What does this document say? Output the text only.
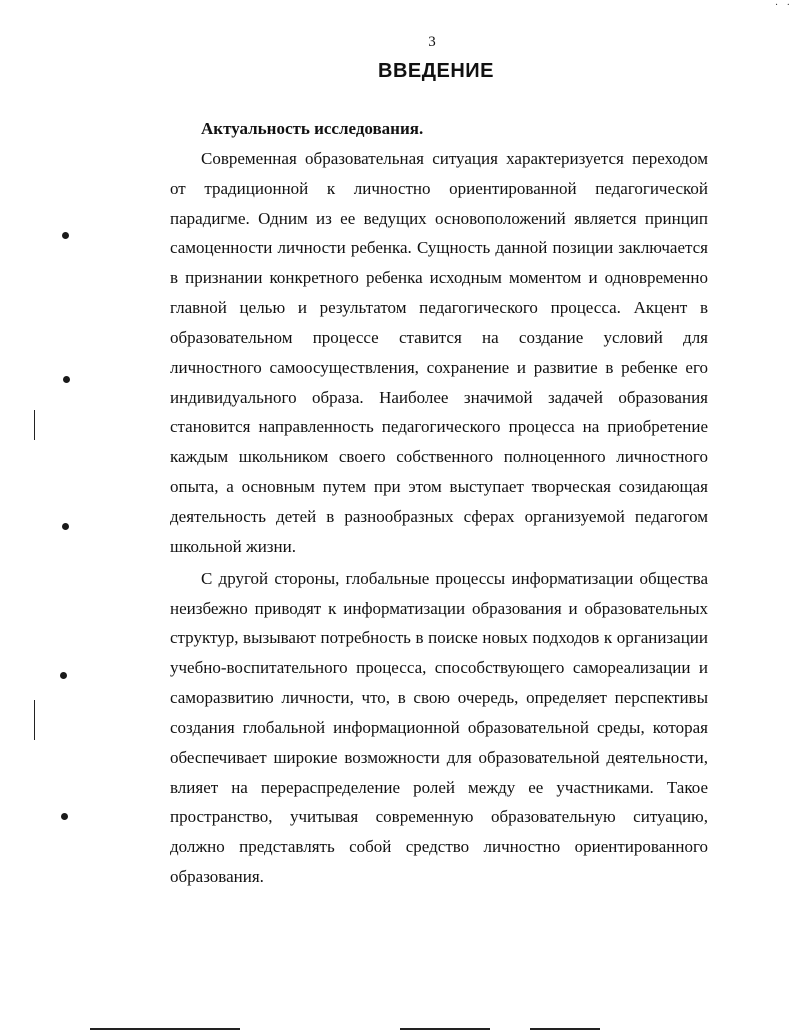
· ·
3
ВВЕДЕНИЕ

Актуальность исследования.

Современная образовательная ситуация характеризуется переходом от традиционной к личностно ориентированной педагогической парадигме. Одним из ее ведущих основоположений является принцип самоценности личности ребенка. Сущность данной позиции заключается в признании конкретного ребенка исходным моментом и одновременно главной целью и результатом педагогического процесса. Акцент в образовательном процессе ставится на создание условий для личностного самоосуществления, сохранение и развитие в ребенке его индивидуального образа. Наиболее значимой задачей образования становится направленность педагогического процесса на приобретение каждым школьником своего собственного полноценного личностного опыта, а основным путем при этом выступает творческая созидающая деятельность детей в разнообразных сферах организуемой педагогом школьной жизни.

С другой стороны, глобальные процессы информатизации общества неизбежно приводят к информатизации образования и образовательных структур, вызывают потребность в поиске новых подходов к организации учебно-воспитательного процесса, способствующего самореализации и саморазвитию личности, что, в свою очередь, определяет перспективы создания глобальной информационной образовательной среды, которая обеспечивает широкие возможности для образовательной деятельности, влияет на перераспределение ролей между ее участниками. Такое пространство, учитывая современную образовательную ситуацию, должно представлять собой средство личностно ориентированного образования.
